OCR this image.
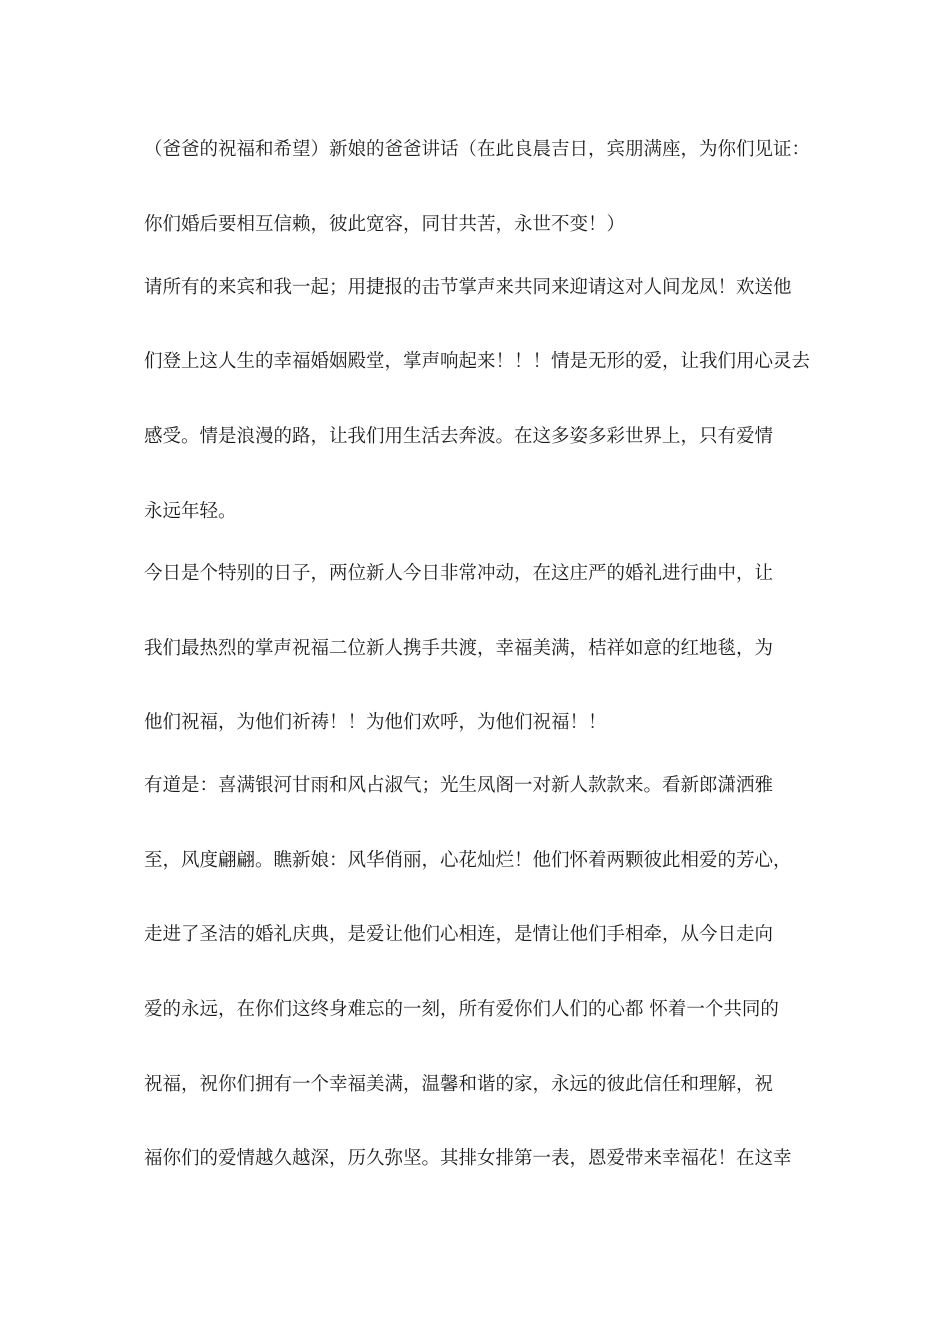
（爸爸的祝福和希望）新娘的爸爸讲话（在此良晨吉日，宾朋满座，为你们见证：
你们婚后要相互信赖，彼此宽容，同甘共苦，永世不变！）
请所有的来宾和我一起；用捷报的击节掌声来共同来迎请这对人间龙凤！欢送他
们登上这人生的幸福婚姻殿堂，掌声响起来！！！情是无形的爱，让我们用心灵去
感受。情是浪漫的路，让我们用生活去奔波。在这多姿多彩世界上，只有爱情
永远年轻。
今日是个特别的日子，两位新人今日非常冲动，在这庄严的婚礼进行曲中，让
我们最热烈的掌声祝福二位新人携手共渡，幸福美满，桔祥如意的红地毯，为
他们祝福，为他们祈祷！！为他们欢呼，为他们祝福！！
有道是：喜满银河甘雨和风占淑气；光生凤阁一对新人款款来。看新郎潇洒雅
至，风度翩翩。瞧新娘：风华俏丽，心花灿烂！他们怀着两颗彼此相爱的芳心，
走进了圣洁的婚礼庆典，是爱让他们心相连，是情让他们手相牵，从今日走向
爱的永远，在你们这终身难忘的一刻，所有爱你们人们的心都 怀着一个共同的
祝福，祝你们拥有一个幸福美满，温馨和谐的家，永远的彼此信任和理解，祝
福你们的爱情越久越深，历久弥坚。其排女排第一表，恩爱带来幸福花！在这幸
